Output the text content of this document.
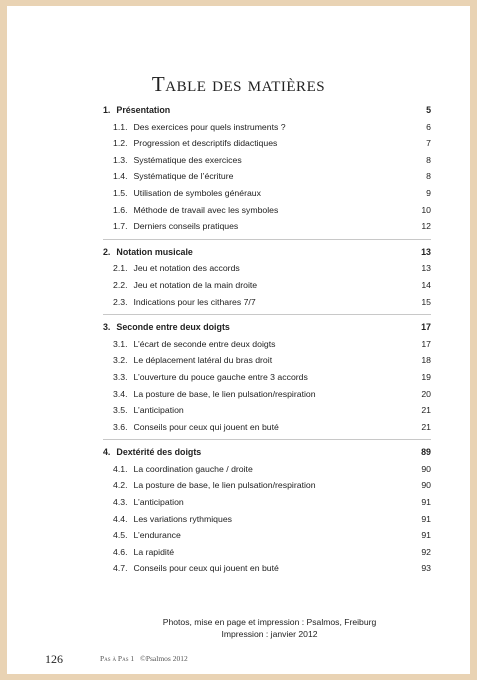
Table des matières
1. Présentation	5
1.1. Des exercices pour quels instruments ?	6
1.2. Progression et descriptifs didactiques	7
1.3. Systématique des exercices	8
1.4. Systématique de l’écriture	8
1.5. Utilisation de symboles généraux	9
1.6. Méthode de travail avec les symboles	10
1.7. Derniers conseils pratiques	12
2. Notation musicale	13
2.1. Jeu et notation des accords	13
2.2. Jeu et notation de la main droite	14
2.3. Indications pour les cithares 7/7	15
3. Seconde entre deux doigts	17
3.1. L’écart de seconde entre deux doigts	17
3.2. Le déplacement latéral du bras droit	18
3.3. L’ouverture du pouce gauche entre 3 accords	19
3.4. La posture de base, le lien pulsation/respiration	20
3.5. L’anticipation	21
3.6. Conseils pour ceux qui jouent en buté	21
4. Dextérité des doigts	89
4.1. La coordination gauche / droite	90
4.2. La posture de base, le lien pulsation/respiration	90
4.3. L’anticipation	91
4.4. Les variations rythmiques	91
4.5. L’endurance	91
4.6. La rapidité	92
4.7. Conseils pour ceux qui jouent en buté	93
Photos, mise en page et impression : Psalmos, Freiburg
Impression : janvier 2012
126	Pas à Pas 1 ©Psalmos 2012
